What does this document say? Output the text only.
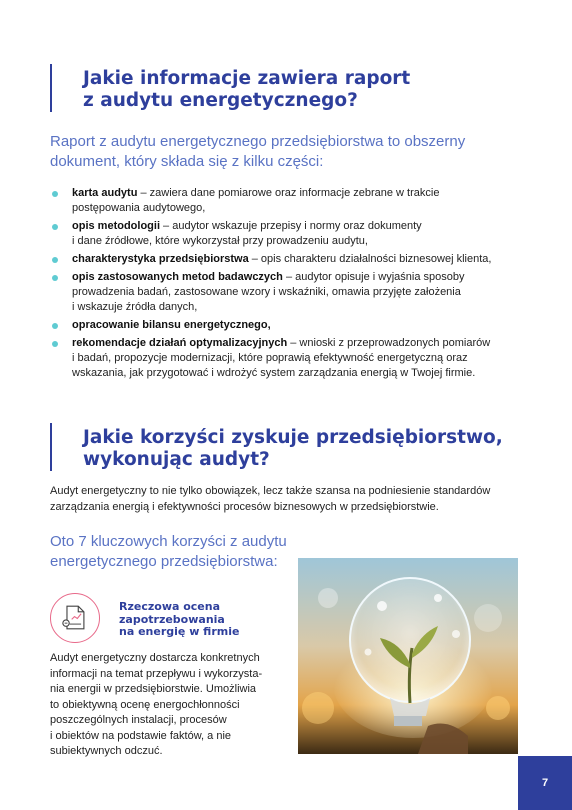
Jakie informacje zawiera raport
z audytu energetycznego?

Raport z audytu energetycznego przedsiębiorstwa to obszerny
dokument, który składa się z kilku części:

karta audytu – zawiera dane pomiarowe oraz informacje zebrane w trakcie
postępowania audytowego,
opis metodologii – audytor wskazuje przepisy i normy oraz dokumenty
i dane źródłowe, które wykorzystał przy prowadzeniu audytu,
charakterystyka przedsiębiorstwa – opis charakteru działalności biznesowej klienta,
opis zastosowanych metod badawczych – audytor opisuje i wyjaśnia sposoby
prowadzenia badań, zastosowane wzory i wskaźniki, omawia przyjęte założenia
i wskazuje źródła danych,
opracowanie bilansu energetycznego,
rekomendacje działań optymalizacyjnych – wnioski z przeprowadzonych pomiarów
i badań, propozycje modernizacji, które poprawią efektywność energetyczną oraz
wskazania, jak przygotować i wdrożyć system zarządzania energią w Twojej firmie.
Jakie korzyści zyskuje przedsiębiorstwo,
wykonując audyt?

Audyt energetyczny to nie tylko obowiązek, lecz także szansa na podniesienie standardów
zarządzania energią i efektywności procesów biznesowych w przedsiębiorstwie.

Oto 7 kluczowych korzyści z audytu
energetycznego przedsiębiorstwa:

Rzeczowa ocena
zapotrzebowania
na energię w firmie

Audyt energetyczny dostarcza konkretnych
informacji na temat przepływu i wykorzysta-
nia energii w przedsiębiorstwie. Umożliwia
to obiektywną ocenę energochłonności
poszczególnych instalacji, procesów
i obiektów na podstawie faktów, a nie
subiektywnych odczuć.

7
